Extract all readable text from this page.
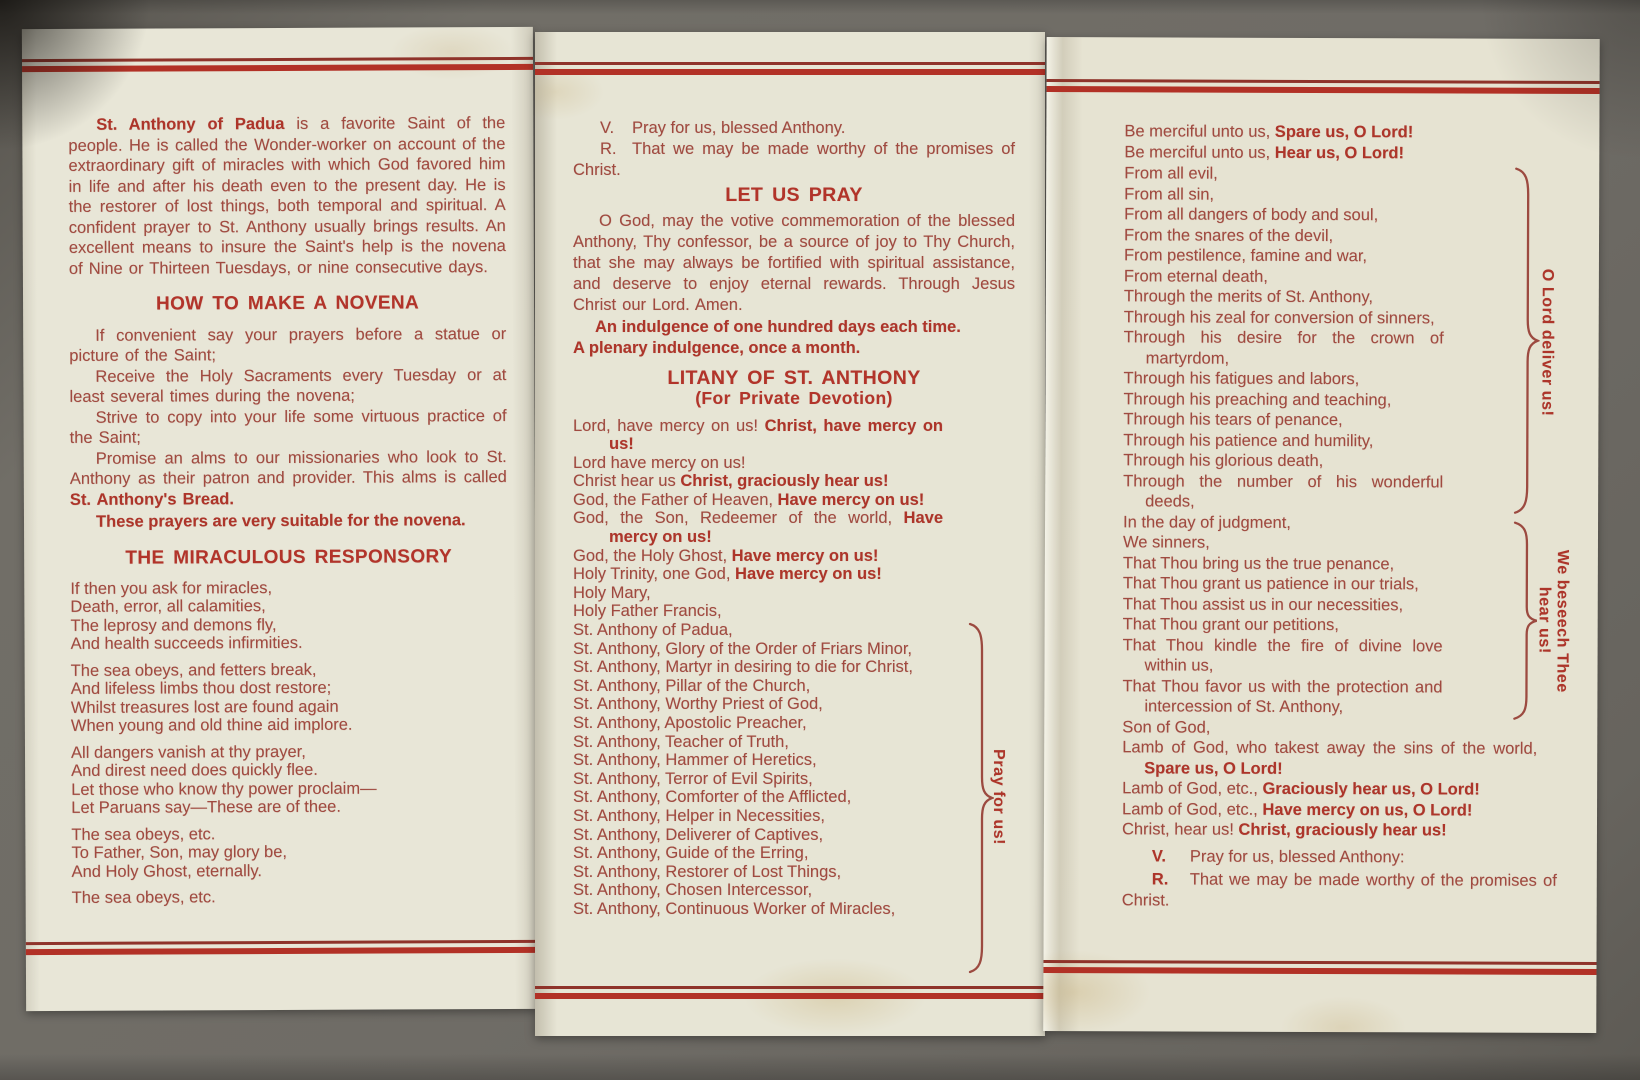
St. Anthony of Padua is a favorite Saint of the people. He is called the Wonder-worker on account of the extraordinary gift of miracles with which God favored him in life and after his death even to the present day. He is the restorer of lost things, both temporal and spiritual. A confident prayer to St. Anthony usually brings results. An excellent means to insure the Saint's help is the novena of Nine or Thirteen Tuesdays, or nine consecutive days.
HOW TO MAKE A NOVENA
If convenient say your prayers before a statue or picture of the Saint;
Receive the Holy Sacraments every Tuesday or at least several times during the novena;
Strive to copy into your life some virtuous practice of the Saint;
Promise an alms to our missionaries who look to St. Anthony as their patron and provider. This alms is called St. Anthony's Bread.

These prayers are very suitable for the novena.

THE MIRACULOUS RESPONSORY
If then you ask for miracles,
Death, error, all calamities,
The leprosy and demons fly,
And health succeeds infirmities.
The sea obeys, and fetters break,
And lifeless limbs thou dost restore;
Whilst treasures lost are found again
When young and old thine aid implore.
All dangers vanish at thy prayer,
And direst need does quickly flee.
Let those who know thy power proclaim—
Let Paruans say—These are of thee.
The sea obeys, etc.
To Father, Son, may glory be,
And Holy Ghost, eternally.
The sea obeys, etc.
V. Pray for us, blessed Anthony.
R. That we may be made worthy of the promises of Christ.
LET US PRAY

O God, may the votive commemoration of the blessed Anthony, Thy confessor, be a source of joy to Thy Church, that she may always be fortified with spiritual assistance, and deserve to enjoy eternal rewards. Through Jesus Christ our Lord. Amen.

An indulgence of one hundred days each time.
A plenary indulgence, once a month.
LITANY OF ST. ANTHONY
(For Private Devotion)
Lord, have mercy on us! Christ, have mercy on us!
Lord have mercy on us!
Christ hear us Christ, graciously hear us!
God, the Father of Heaven, Have mercy on us!
God, the Son, Redeemer of the world, Have mercy on us!
God, the Holy Ghost, Have mercy on us!
Holy Trinity, one God, Have mercy on us!
Holy Mary,
Holy Father Francis,
St. Anthony of Padua,
St. Anthony, Glory of the Order of Friars Minor,
St. Anthony, Martyr in desiring to die for Christ,
St. Anthony, Pillar of the Church,
St. Anthony, Worthy Priest of God,
St. Anthony, Apostolic Preacher,
St. Anthony, Teacher of Truth,
St. Anthony, Hammer of Heretics,
St. Anthony, Terror of Evil Spirits,
St. Anthony, Comforter of the Afflicted,
St. Anthony, Helper in Necessities,
St. Anthony, Deliverer of Captives,
St. Anthony, Guide of the Erring,
St. Anthony, Restorer of Lost Things,
St. Anthony, Chosen Intercessor,
St. Anthony, Continuous Worker of Miracles,
Pray for us!
Be merciful unto us, Spare us, O Lord!
Be merciful unto us, Hear us, O Lord!
From all evil,
From all sin,
From all dangers of body and soul,
From the snares of the devil,
From pestilence, famine and war,
From eternal death,
Through the merits of St. Anthony,
Through his zeal for conversion of sinners,
Through his desire for the crown of martyrdom,
Through his fatigues and labors,
Through his preaching and teaching,
Through his tears of penance,
Through his patience and humility,
Through his glorious death,
Through the number of his wonderful deeds,
In the day of judgment,
We sinners,
That Thou bring us the true penance,
That Thou grant us patience in our trials,
That Thou assist us in our necessities,
That Thou grant our petitions,
That Thou kindle the fire of divine love within us,
That Thou favor us with the protection and intercession of St. Anthony,
Son of God,
Lamb of God, who takest away the sins of the world, Spare us, O Lord!
Lamb of God, etc., Graciously hear us, O Lord!
Lamb of God, etc., Have mercy on us, O Lord!
Christ, hear us! Christ, graciously hear us!
V. Pray for us, blessed Anthony:
R. That we may be made worthy of the promises of Christ.
O Lord deliver us!
We beseech Thee
hear us!
